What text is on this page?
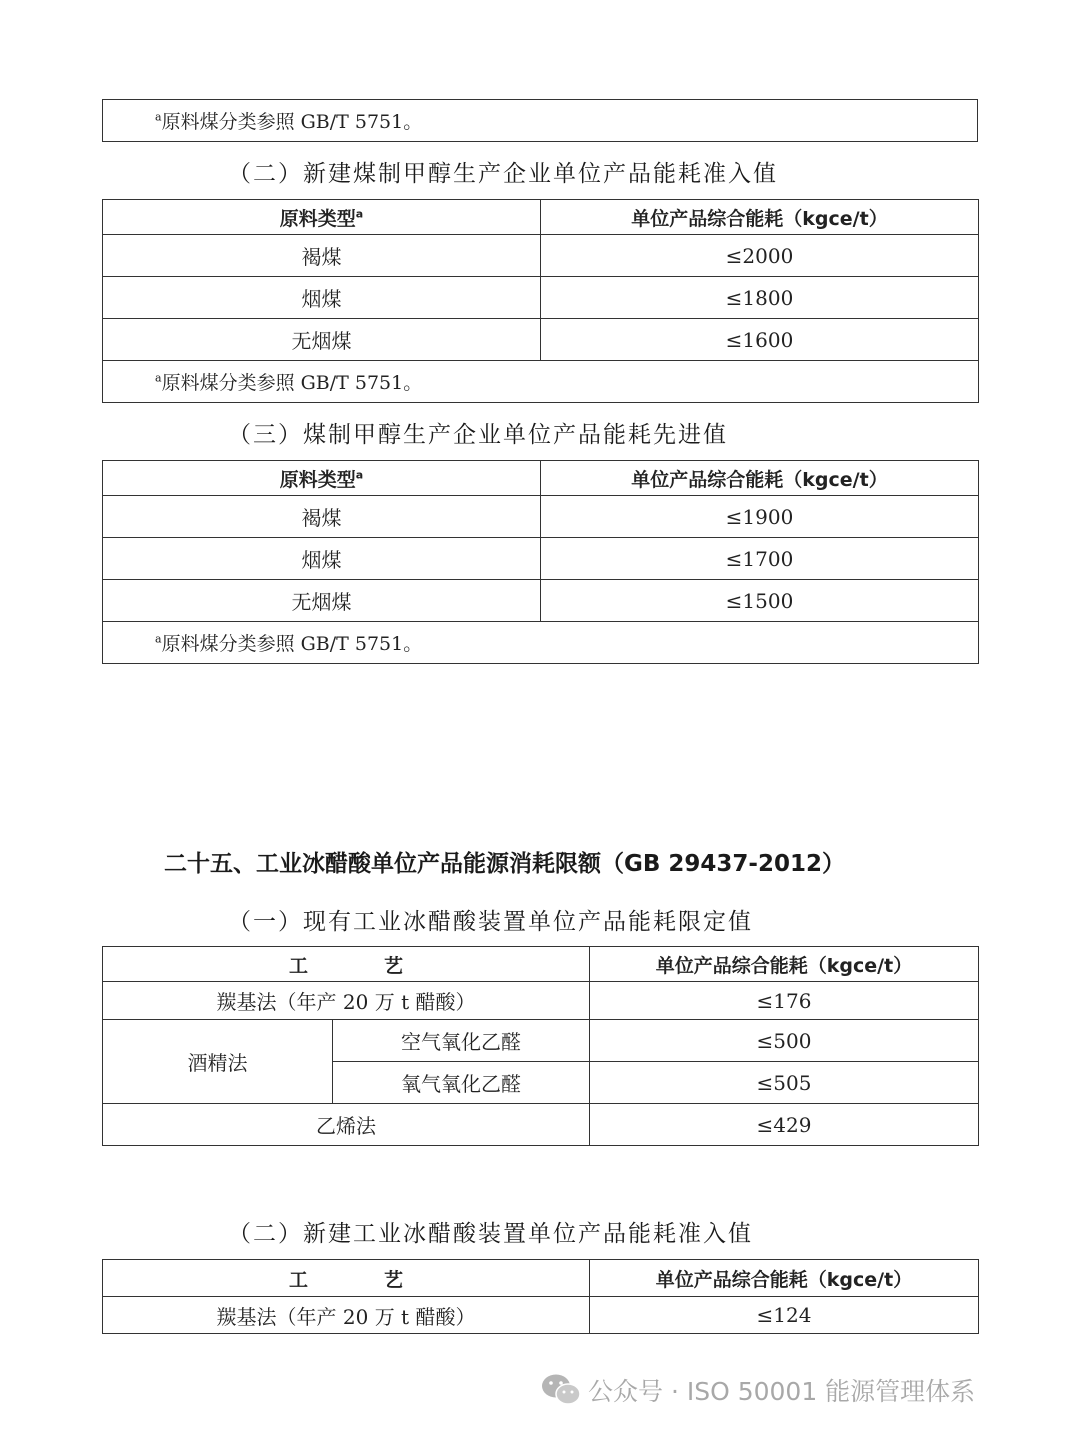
$^a$原料煤分类参照 GB/T 5751。
（二）新建煤制甲醇生产企业单位产品能耗准入值
原料类型$^a$	单位产品综合能耗（kgce/t）
褐煤	≤2000
烟煤	≤1800
无烟煤	≤1600
$^a$原料煤分类参照 GB/T 5751。	
（三）煤制甲醇生产企业单位产品能耗先进值
原料类型$^a$	单位产品综合能耗（kgce/t）
褐煤	≤1900
烟煤	≤1700
无烟煤	≤1500
$^a$原料煤分类参照 GB/T 5751。	
二十五、工业冰醋酸单位产品能源消耗限额（GB 29437-2012）
（一）现有工业冰醋酸装置单位产品能耗限定值
工　　　　艺		单位产品综合能耗（kgce/t）
羰基法（年产 20 万 t 醋酸）		≤176
酒精法	空气氧化乙醛	≤500
	氧气氧化乙醛	≤505
乙烯法		≤429
（二）新建工业冰醋酸装置单位产品能耗准入值
工　　　　艺	单位产品综合能耗（kgce/t）
羰基法（年产 20 万 t 醋酸）	≤124
公众号 · ISO 50001 能源管理体系
